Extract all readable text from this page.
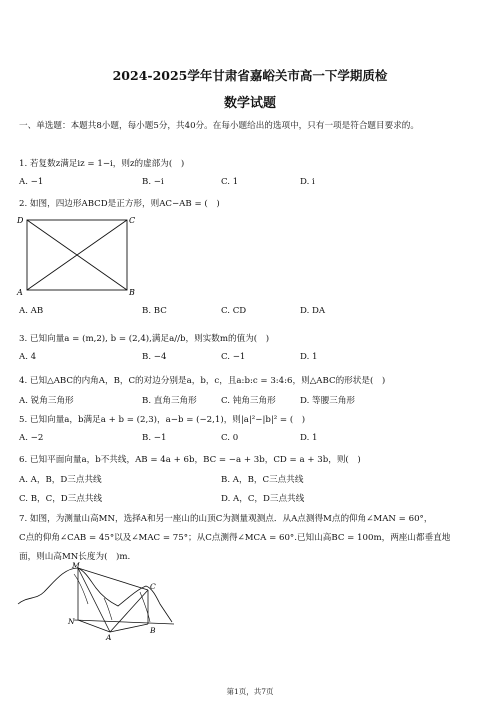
2024-2025学年甘肃省嘉峪关市高一下学期质检
数学试题
一、单选题：本题共8小题，每小题5分，共40分。在每小题给出的选项中，只有一项是符合题目要求的。
1. 若复数z满足iz = 1−i，则z的虚部为(　)
A. −1	B. −i	C. 1	D. i
2. 如图，四边形ABCD是正方形，则AC−AB = (　)
D	C
A	B
A. AB	B. BC	C. CD	D. DA
3. 已知向量a = (m,2), b = (2,4),满足a//b，则实数m的值为(　)
A. 4	B. −4	C. −1	D. 1
4. 已知△ABC的内角A，B，C的对边分别是a，b，c，且a:b:c = 3:4:6，则△ABC的形状是(　)
A. 锐角三角形	B. 直角三角形	C. 钝角三角形	D. 等腰三角形
5. 已知向量a，b满足a + b = (2,3)，a−b = (−2,1)，则|a|²−|b|² = (　)
A. −2	B. −1	C. 0	D. 1
6. 已知平面向量a，b不共线，AB = 4a + 6b，BC = −a + 3b，CD = a + 3b，则(　)
A. A，B，D三点共线	B. A，B，C三点共线
C. B，C，D三点共线	D. A，C，D三点共线
7. 如图，为测量山高MN，选择A和另一座山的山顶C为测量观测点．从A点测得M点的仰角∠MAN = 60°，
C点的仰角∠CAB = 45°以及∠MAC = 75°；从C点测得∠MCA = 60°.已知山高BC = 100m，两座山都垂直地
面，则山高MN长度为(　)m.
M
C
N
A
B
第1页，共7页
